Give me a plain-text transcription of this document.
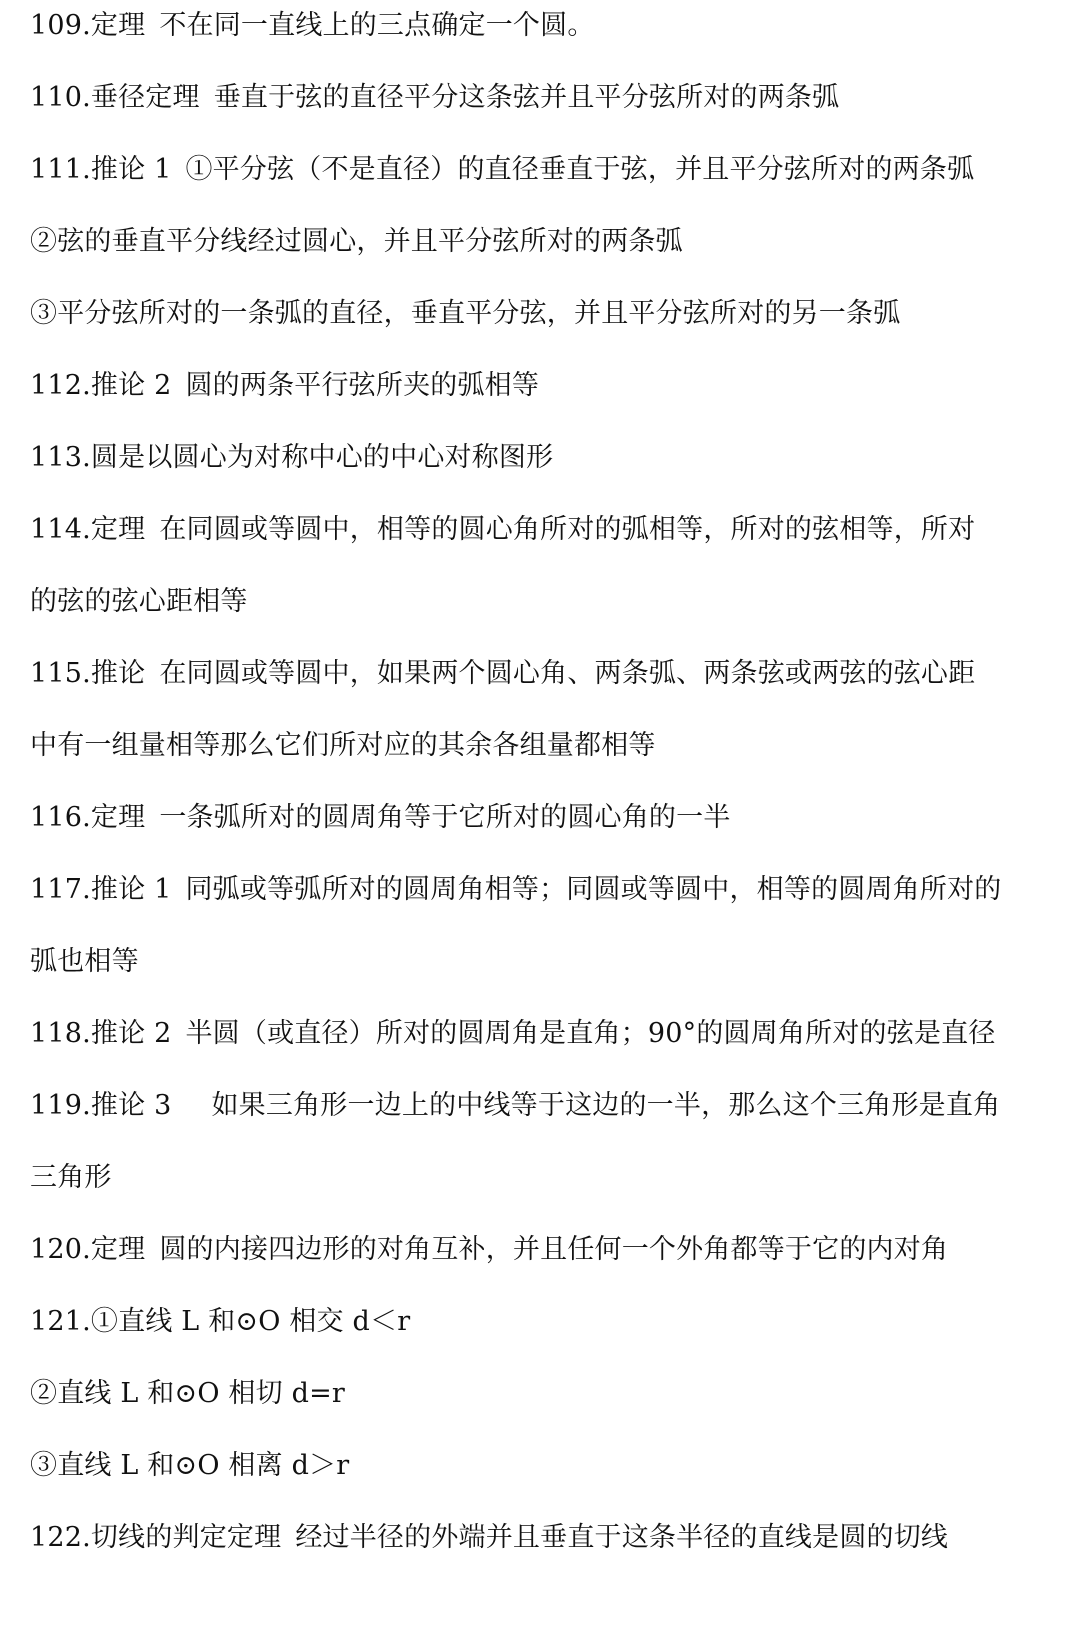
109.定理 不在同一直线上的三点确定一个圆。
110.垂径定理 垂直于弦的直径平分这条弦并且平分弦所对的两条弧
111.推论 1 ①平分弦（不是直径）的直径垂直于弦，并且平分弦所对的两条弧
②弦的垂直平分线经过圆心，并且平分弦所对的两条弧
③平分弦所对的一条弧的直径，垂直平分弦，并且平分弦所对的另一条弧
112.推论 2 圆的两条平行弦所夹的弧相等
113.圆是以圆心为对称中心的中心对称图形
114.定理 在同圆或等圆中，相等的圆心角所对的弧相等，所对的弦相等，所对
的弦的弦心距相等
115.推论 在同圆或等圆中，如果两个圆心角、两条弧、两条弦或两弦的弦心距
中有一组量相等那么它们所对应的其余各组量都相等
116.定理 一条弧所对的圆周角等于它所对的圆心角的一半
117.推论 1 同弧或等弧所对的圆周角相等；同圆或等圆中，相等的圆周角所对的
弧也相等
118.推论 2 半圆（或直径）所对的圆周角是直角；90°的圆周角所对的弦是直径
119.推论 3 如果三角形一边上的中线等于这边的一半，那么这个三角形是直角
三角形
120.定理 圆的内接四边形的对角互补，并且任何一个外角都等于它的内对角
121.①直线 L 和⊙O 相交 d＜r
②直线 L 和⊙O 相切 d=r
③直线 L 和⊙O 相离 d＞r
122.切线的判定定理 经过半径的外端并且垂直于这条半径的直线是圆的切线
